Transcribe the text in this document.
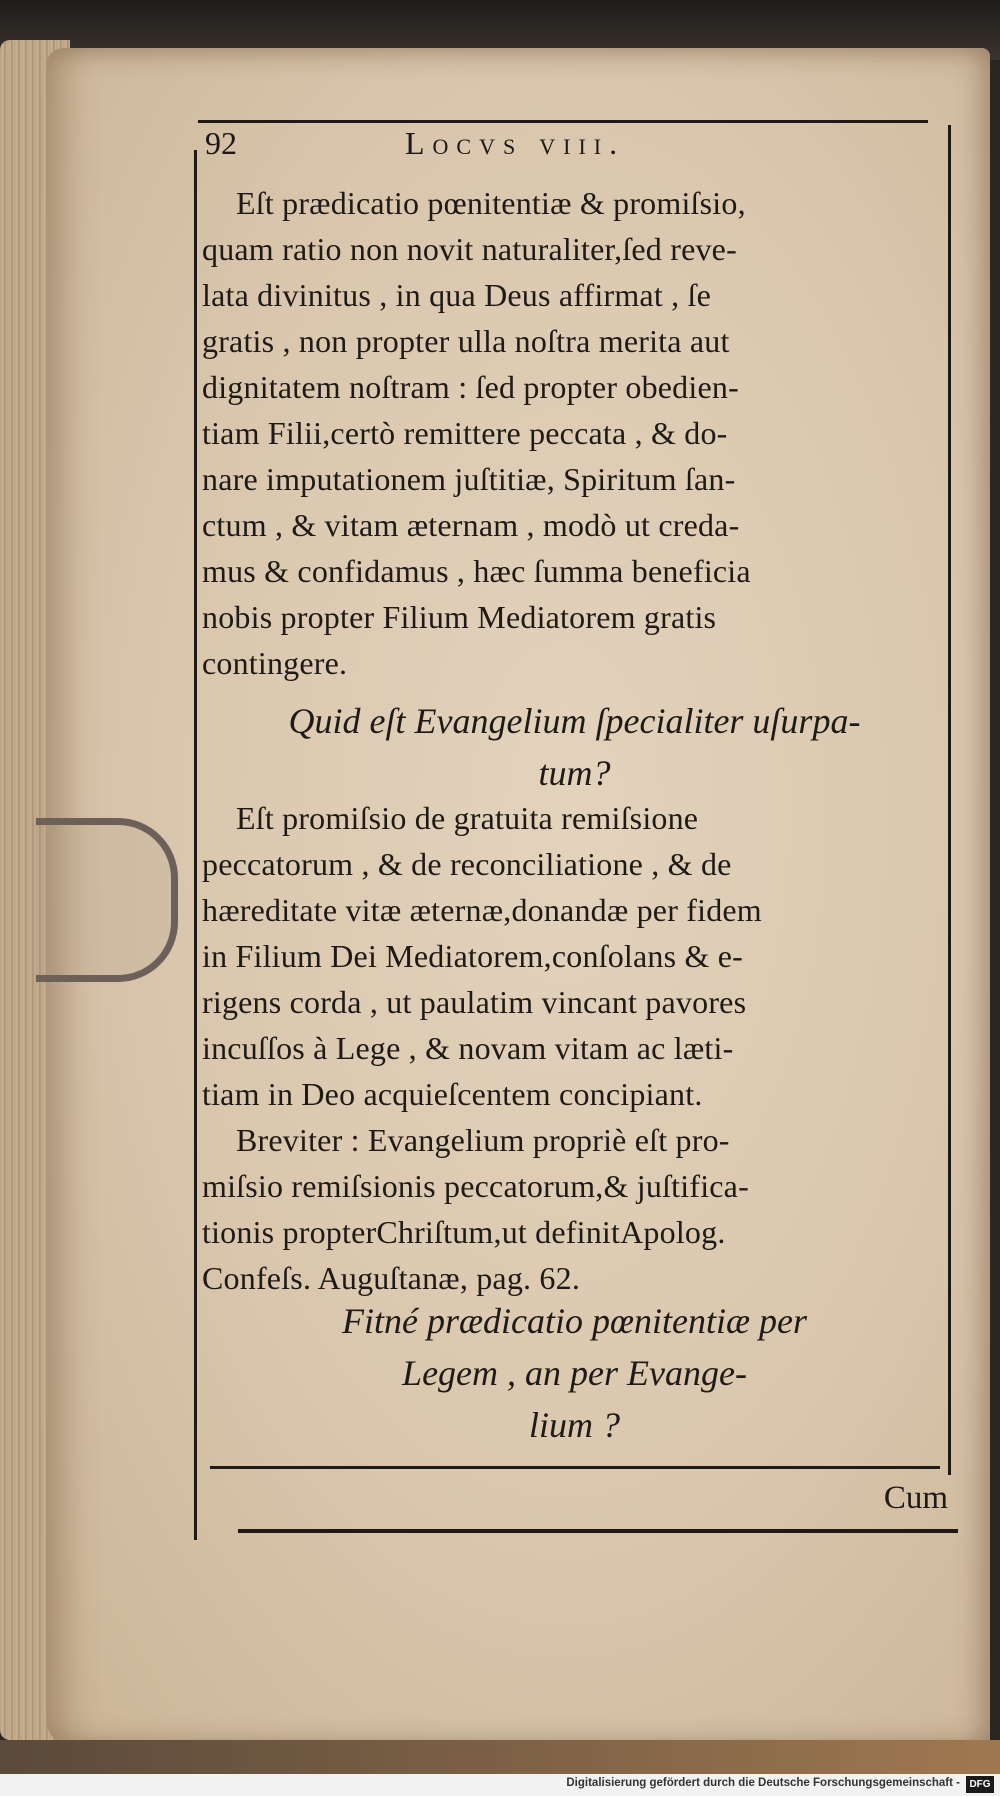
92	Locvs viii.
Eſt prædicatio pœnitentiæ & promiſsio,
quam ratio non novit naturaliter,ſed reve-
lata divinitus , in qua Deus affirmat , ſe
gratis , non propter ulla noſtra merita aut
dignitatem noſtram : ſed propter obedien-
tiam Filii,certò remittere peccata , & do-
nare imputationem juſtitiæ, Spiritum ſan-
ctum , & vitam æternam , modò ut creda-
mus & confidamus , hæc ſumma beneficia
nobis propter Filium Mediatorem gratis
contingere.
Quid eſt Evangelium ſpecialiter uſurpa-
tum?
Eſt promiſsio de gratuita remiſsione
peccatorum , & de reconciliatione , & de
hæreditate vitæ æternæ,donandæ per fidem
in Filium Dei Mediatorem,conſolans & e-
rigens corda , ut paulatim vincant pavores
incuſſos à Lege , & novam vitam ac læti-
tiam in Deo acquieſcentem concipiant.
Breviter : Evangelium propriè eſt pro-
miſsio remiſsionis peccatorum,& juſtifica-
tionis propterChriſtum,ut definitApolog.
Confeſs. Auguſtanæ, pag. 62.
Fitné prædicatio pœnitentiæ per
Legem , an per Evange-
lium ?
Cum
Digitalisierung gefördert durch die Deutsche Forschungsgemeinschaft - DFG
